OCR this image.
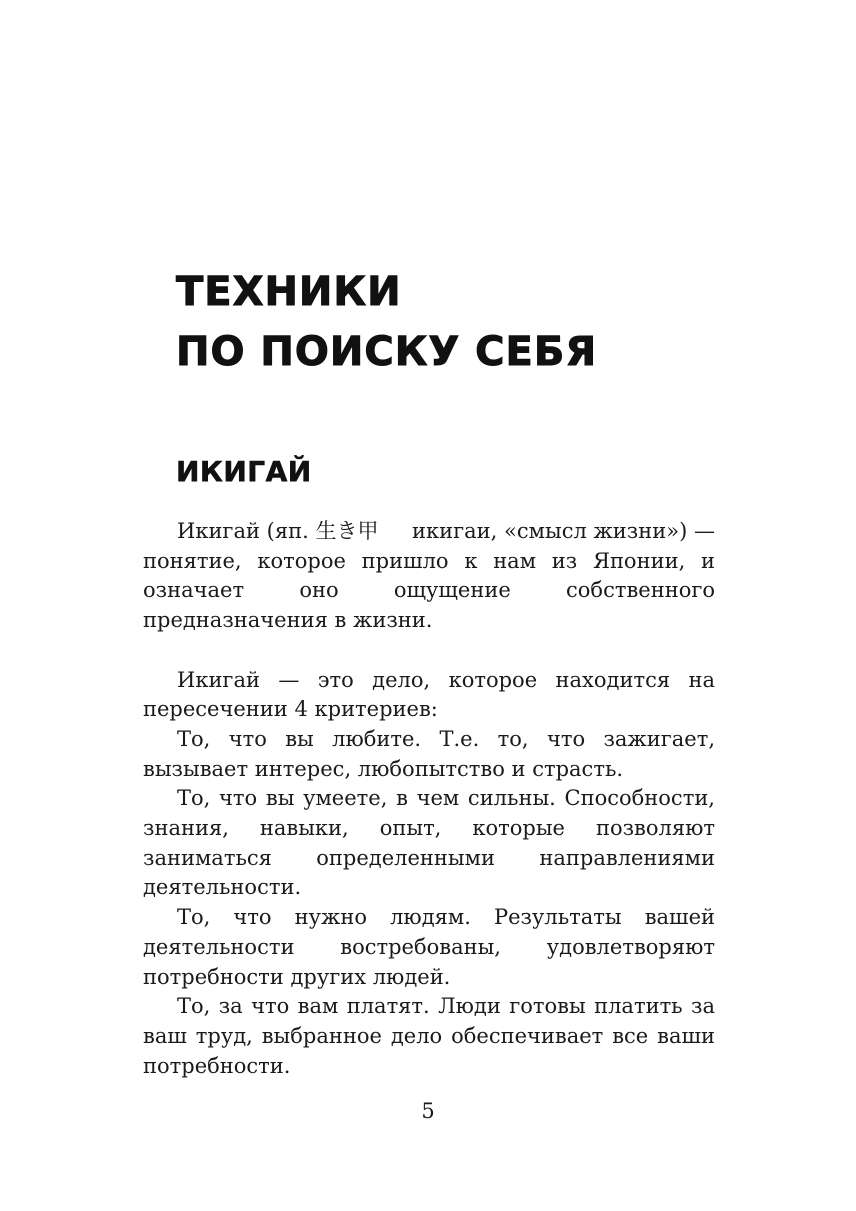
ТЕХНИКИ
ПО ПОИСКУ СЕБЯ
ИКИГАЙ

Икигай (яп. 生き甲     икигаи, «смысл жизни») — понятие, которое пришло к нам из Японии, и означает оно ощущение собственного предназначения в жизни.

Икигай — это дело, которое находится на пересечении 4 критериев:

То, что вы любите. Т.е. то, что зажигает, вызывает интерес, любопытство и страсть.

То, что вы умеете, в чем сильны. Способности, знания, навыки, опыт, которые позволяют заниматься определенными направлениями деятельности.

То, что нужно людям. Результаты вашей деятельности востребованы, удовлетворяют потребности других людей.

То, за что вам платят. Люди готовы платить за ваш труд, выбранное дело обеспечивает все ваши потребности.

5
